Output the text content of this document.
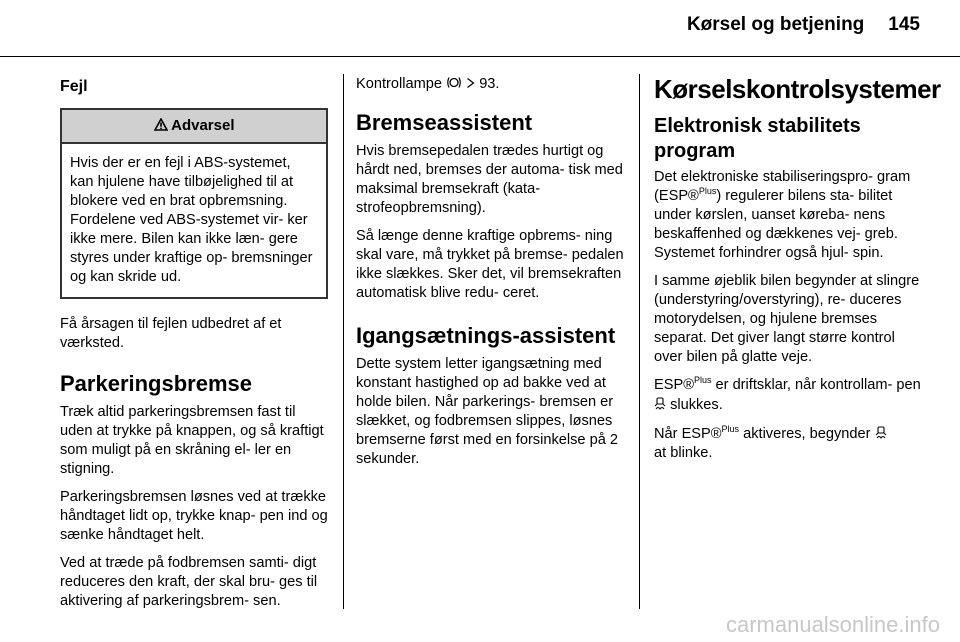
Kørsel og betjening 145
Fejl
Advarsel

Hvis der er en fejl i ABS-systemet, kan hjulene have tilbøjelighed til at blokere ved en brat opbremsning. Fordelene ved ABS-systemet vir- ker ikke mere. Bilen kan ikke læn- gere styres under kraftige op- bremsninger og kan skride ud.

Få årsagen til fejlen udbedret af et værksted.

Parkeringsbremse

Træk altid parkeringsbremsen fast til uden at trykke på knappen, og så kraftigt som muligt på en skråning el- ler en stigning.

Parkeringsbremsen løsnes ved at trække håndtaget lidt op, trykke knap- pen ind og sænke håndtaget helt.

Ved at træde på fodbremsen samti- digt reduceres den kraft, der skal bru- ges til aktivering af parkeringsbrem- sen.

Kontrollampe	93.

Bremseassistent

Hvis bremsepedalen trædes hurtigt og hårdt ned, bremses der automa- tisk med maksimal bremsekraft (kata- strofeopbremsning).

Så længe denne kraftige opbrems- ning skal vare, må trykket på bremse- pedalen ikke slækkes. Sker det, vil bremsekraften automatisk blive redu- ceret.

Igangsætnings-assistent

Dette system letter igangsætning med konstant hastighed op ad bakke ved at holde bilen. Når parkerings- bremsen er slækket, og fodbremsen slippes, løsnes bremserne først med en forsinkelse på 2 sekunder.

Kørselskontrolsystemer
Elektronisk stabilitets program

Det elektroniske stabiliseringspro- gram (ESP®$^{Plus}$) regulerer bilens sta- bilitet under kørslen, uanset køreba- nens beskaffenhed og dækkenes vej- greb. Systemet forhindrer også hjul- spin.

I samme øjeblik bilen begynder at slingre (understyring/overstyring), re- duceres motorydelsen, og hjulene bremses separat. Det giver langt større kontrol over bilen på glatte veje.

ESP®$^{Plus}$ er driftsklar, når kontrollam- pen  slukkes.

Når ESP®$^{Plus}$ aktiveres, begynder
at blinke.

carmanualsonline.info
